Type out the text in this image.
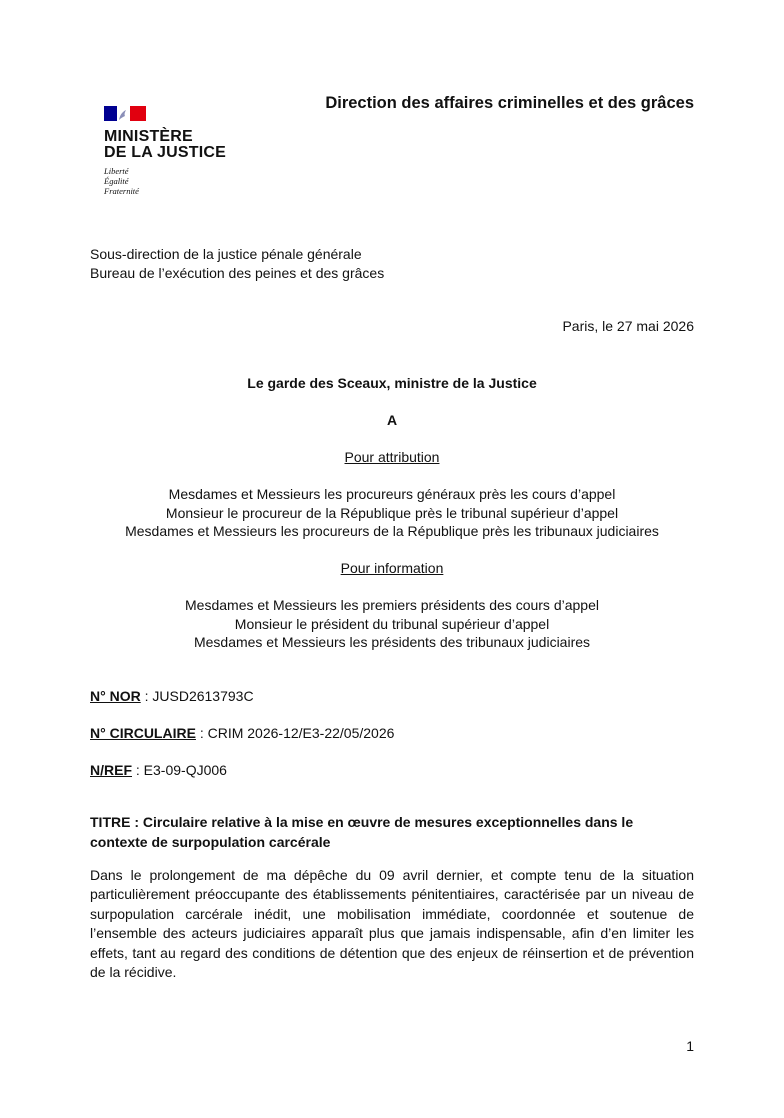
MINISTÈRE
DE LA JUSTICE
Liberté
Égalité
Fraternité
Direction des affaires criminelles et des grâces
Sous-direction de la justice pénale générale
Bureau de l’exécution des peines et des grâces
Paris, le 27 mai 2026
Le garde des Sceaux, ministre de la Justice
A
Pour attribution
Mesdames et Messieurs les procureurs généraux près les cours d’appel
Monsieur le procureur de la République près le tribunal supérieur d’appel
Mesdames et Messieurs les procureurs de la République près les tribunaux judiciaires
Pour information
Mesdames et Messieurs les premiers présidents des cours d’appel
Monsieur le président du tribunal supérieur d’appel
Mesdames et Messieurs les présidents des tribunaux judiciaires
N° NOR : JUSD2613793C
N° CIRCULAIRE : CRIM 2026-12/E3-22/05/2026
N/REF : E3-09-QJ006
TITRE : Circulaire relative à la mise en œuvre de mesures exceptionnelles dans le contexte de surpopulation carcérale
Dans le prolongement de ma dépêche du 09 avril dernier, et compte tenu de la situation particulièrement préoccupante des établissements pénitentiaires, caractérisée par un niveau de surpopulation carcérale inédit, une mobilisation immédiate, coordonnée et soutenue de l’ensemble des acteurs judiciaires apparaît plus que jamais indispensable, afin d’en limiter les effets, tant au regard des conditions de détention que des enjeux de réinsertion et de prévention de la récidive.
1
